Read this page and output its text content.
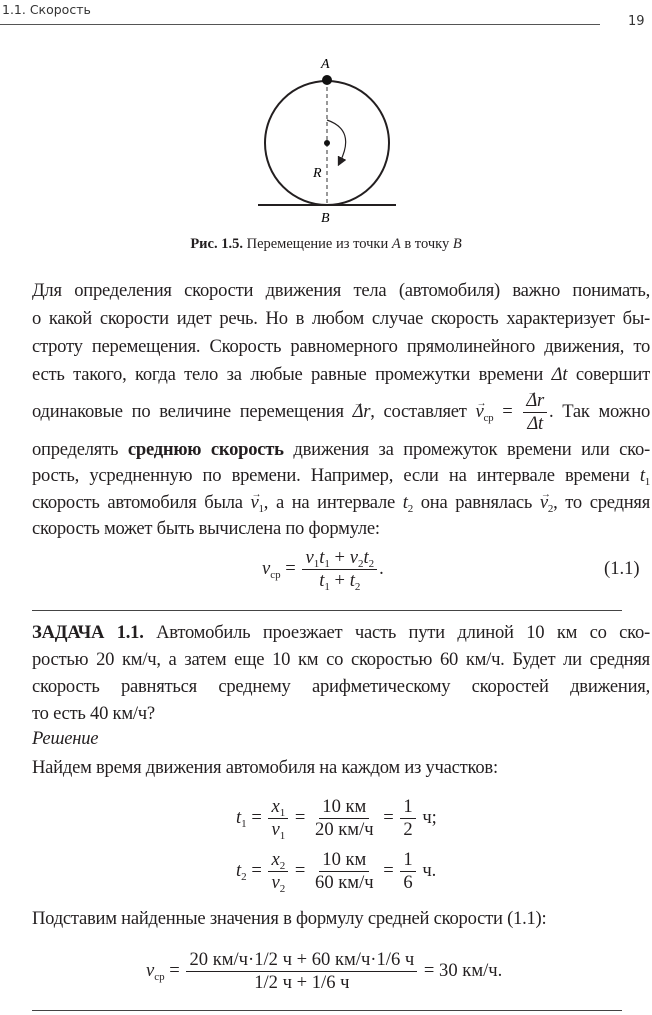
1.1. Скорость
19
A
B
R
Рис. 1.5. Перемещение из точки A в точку B
Для определения скорости движения тела (автомобиля) важно понимать,
о какой скорости идет речь. Но в любом случае скорость характеризует бы-
строту перемещения. Скорость равномерного прямолинейного движения, то
есть такого, когда тело за любые равные промежутки времени Δt совершит
одинаковые по величине перемещения → Δr, составляет → $v_{ср}$ = → $\frac{\Delta r}{\Delta t}$ . Так можно
определять среднюю скорость движения за промежуток времени или ско-
рость, усредненную по времени. Например, если на интервале времени $t_1$
скорость автомобиля была → $v_1$, а на интервале $t_2$ она равнялась → $v_2$, то средняя
скорость может быть вычислена по формуле:
$v_{ср} = \frac{v_1t_1 + v_2t_2}{t_1 + t_2}$ .	(1.1)
ЗАДАЧА 1.1. Автомобиль проезжает часть пути длиной 10 км со ско-
ростью 20 км/ч, а затем еще 10 км со скоростью 60 км/ч. Будет ли средняя
скорость равняться среднему арифметическому скоростей движения,
то есть 40 км/ч?
Решение
Найдем время движения автомобиля на каждом из участков:
$t_1 = \frac{x_1}{v_1} = \frac{10 км}{20 км/ч} = \frac{1}{2} ч$;
$t_2 = \frac{x_2}{v_2} = \frac{10 км}{60 км/ч} = \frac{1}{6} ч$.
Подставим найденные значения в формулу средней скорости (1.1):
$v_{ср} = \frac{20 км/ч\cdot 1/2 ч + 60 км/ч\cdot 1/6 ч}{1/2 ч + 1/6 ч} = 30$ км/ч.
